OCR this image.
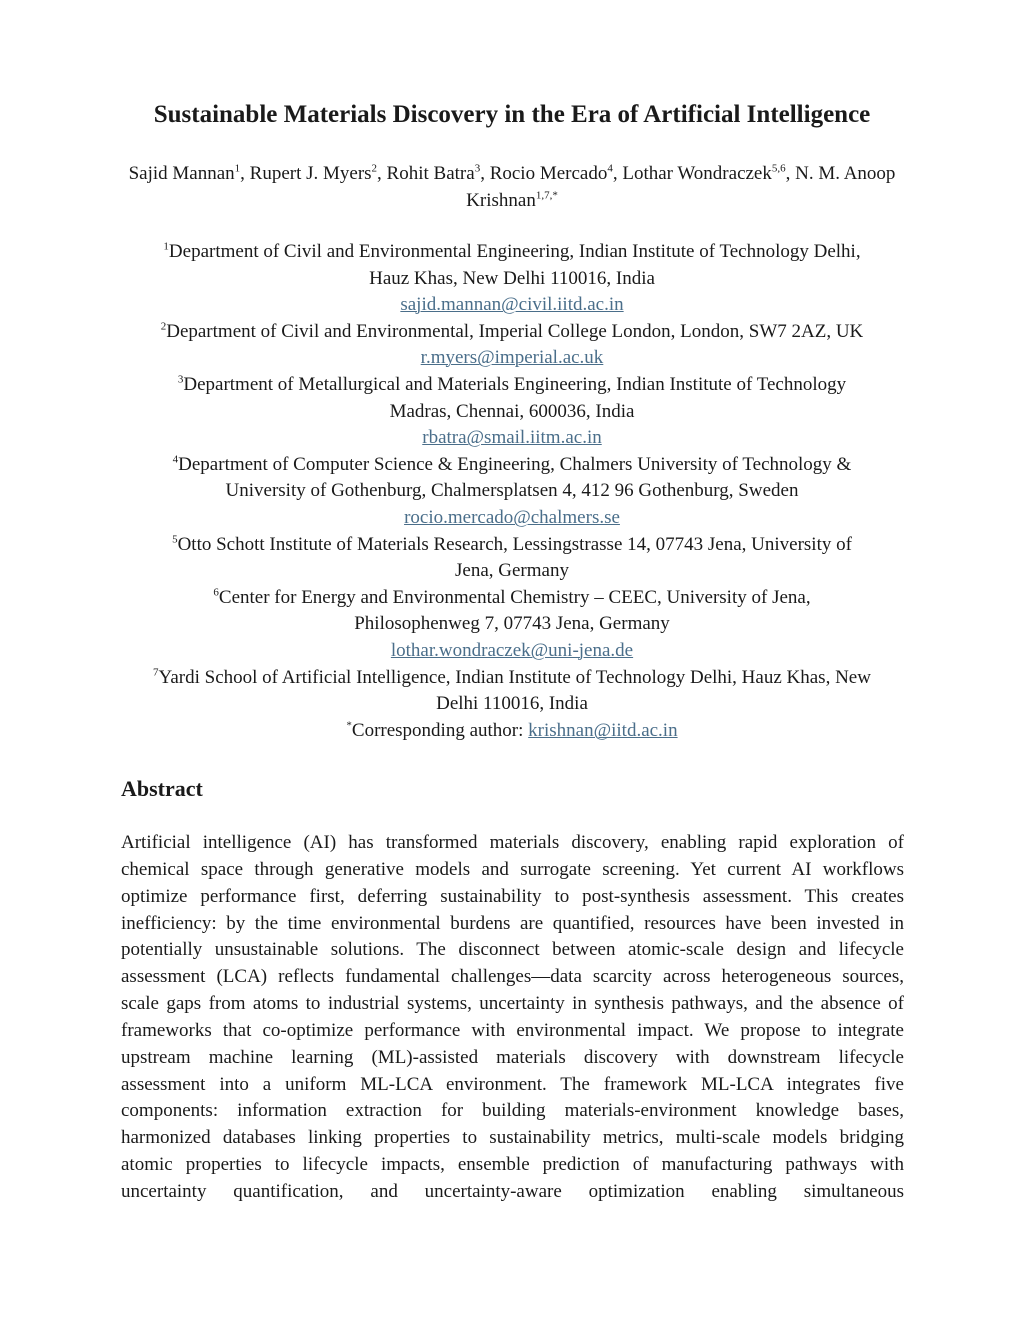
Sustainable Materials Discovery in the Era of Artificial Intelligence

Sajid Mannan$^1$, Rupert J. Myers$^2$, Rohit Batra$^3$, Rocio Mercado$^4$, Lothar Wondraczek$^{5,6}$, N. M. Anoop Krishnan$^{1,7,*}$

$^1$Department of Civil and Environmental Engineering, Indian Institute of Technology Delhi,
Hauz Khas, New Delhi 110016, India
sajid.mannan@civil.iitd.ac.in
$^2$Department of Civil and Environmental, Imperial College London, London, SW7 2AZ, UK
r.myers@imperial.ac.uk
$^3$Department of Metallurgical and Materials Engineering, Indian Institute of Technology
Madras, Chennai, 600036, India
rbatra@smail.iitm.ac.in
$^4$Department of Computer Science & Engineering, Chalmers University of Technology &
University of Gothenburg, Chalmersplatsen 4, 412 96 Gothenburg, Sweden
rocio.mercado@chalmers.se
$^5$Otto Schott Institute of Materials Research, Lessingstrasse 14, 07743 Jena, University of
Jena, Germany
$^6$Center for Energy and Environmental Chemistry – CEEC, University of Jena,
Philosophenweg 7, 07743 Jena, Germany
lothar.wondraczek@uni-jena.de
$^7$Yardi School of Artificial Intelligence, Indian Institute of Technology Delhi, Hauz Khas, New
Delhi 110016, India
*Corresponding author: krishnan@iitd.ac.in
Abstract
Artificial intelligence (AI) has transformed materials discovery, enabling rapid exploration of
chemical space through generative models and surrogate screening. Yet current AI workflows
optimize performance first, deferring sustainability to post-synthesis assessment. This creates
inefficiency: by the time environmental burdens are quantified, resources have been invested in
potentially unsustainable solutions. The disconnect between atomic-scale design and lifecycle
assessment (LCA) reflects fundamental challenges—data scarcity across heterogeneous sources,
scale gaps from atoms to industrial systems, uncertainty in synthesis pathways, and the absence of
frameworks that co-optimize performance with environmental impact. We propose to integrate
upstream machine learning (ML)-assisted materials discovery with downstream lifecycle
assessment into a uniform ML-LCA environment. The framework ML-LCA integrates five
components: information extraction for building materials-environment knowledge bases,
harmonized databases linking properties to sustainability metrics, multi-scale models bridging
atomic properties to lifecycle impacts, ensemble prediction of manufacturing pathways with
uncertainty quantification, and uncertainty-aware optimization enabling simultaneous
